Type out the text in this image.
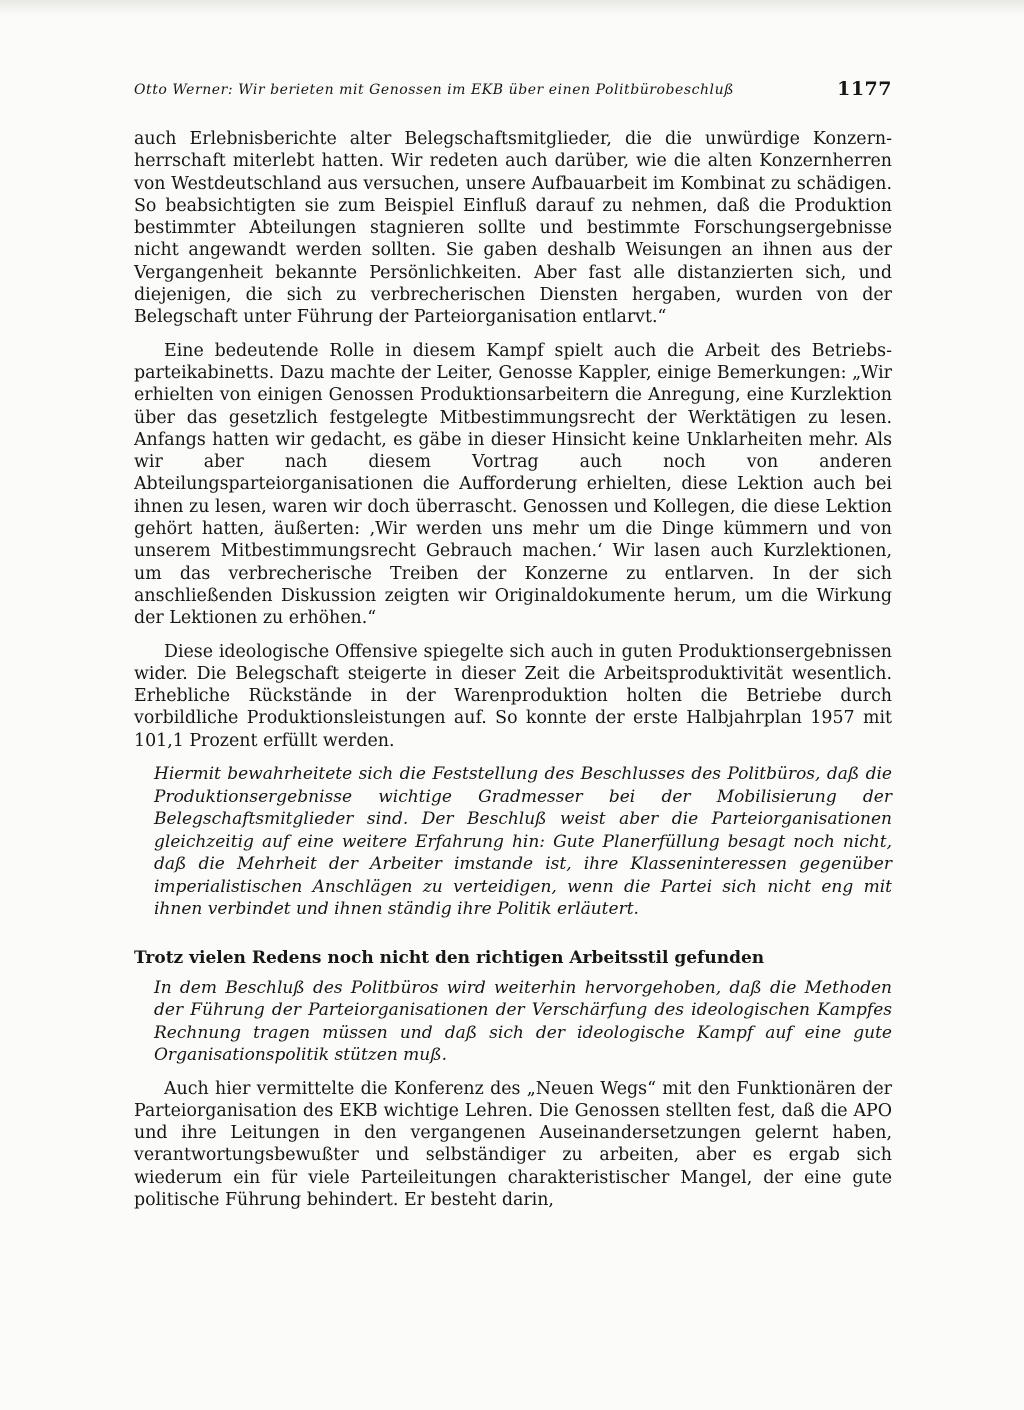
Otto Werner: Wir berieten mit Genossen im EKB über einen Politbürobeschluß	1177

auch Erlebnisberichte alter Belegschaftsmitglieder, die die unwürdige Konzernherrschaft miterlebt hatten. Wir redeten auch darüber, wie die alten Konzernherren von Westdeutschland aus versuchen, unsere Aufbauarbeit im Kombinat zu schädigen. So beabsichtigten sie zum Beispiel Einfluß darauf zu nehmen, daß die Produktion bestimmter Abteilungen stagnieren sollte und bestimmte Forschungsergebnisse nicht angewandt werden sollten. Sie gaben deshalb Weisungen an ihnen aus der Vergangenheit bekannte Persönlichkeiten. Aber fast alle distanzierten sich, und diejenigen, die sich zu verbrecherischen Diensten hergaben, wurden von der Belegschaft unter Führung der Parteiorganisation entlarvt.“

Eine bedeutende Rolle in diesem Kampf spielt auch die Arbeit des Betriebsparteikabinetts. Dazu machte der Leiter, Genosse Kappler, einige Bemerkungen: „Wir erhielten von einigen Genossen Produktionsarbeitern die Anregung, eine Kurzlektion über das gesetzlich festgelegte Mitbestimmungsrecht der Werktätigen zu lesen. Anfangs hatten wir gedacht, es gäbe in dieser Hinsicht keine Unklarheiten mehr. Als wir aber nach diesem Vortrag auch noch von anderen Abteilungsparteiorganisationen die Aufforderung erhielten, diese Lektion auch bei ihnen zu lesen, waren wir doch überrascht. Genossen und Kollegen, die diese Lektion gehört hatten, äußerten: ‚Wir werden uns mehr um die Dinge kümmern und von unserem Mitbestimmungsrecht Gebrauch machen.‘ Wir lasen auch Kurzlektionen, um das verbrecherische Treiben der Konzerne zu entlarven. In der sich anschließenden Diskussion zeigten wir Originaldokumente herum, um die Wirkung der Lektionen zu erhöhen.“

Diese ideologische Offensive spiegelte sich auch in guten Produktionsergebnissen wider. Die Belegschaft steigerte in dieser Zeit die Arbeitsproduktivität wesentlich. Erhebliche Rückstände in der Warenproduktion holten die Betriebe durch vorbildliche Produktionsleistungen auf. So konnte der erste Halbjahrplan 1957 mit 101,1 Prozent erfüllt werden.

Hiermit bewahrheitete sich die Feststellung des Beschlusses des Politbüros, daß die Produktionsergebnisse wichtige Gradmesser bei der Mobilisierung der Belegschaftsmitglieder sind. Der Beschluß weist aber die Parteiorganisationen gleichzeitig auf eine weitere Erfahrung hin: Gute Planerfüllung besagt noch nicht, daß die Mehrheit der Arbeiter imstande ist, ihre Klasseninteressen gegenüber imperialistischen Anschlägen zu verteidigen, wenn die Partei sich nicht eng mit ihnen verbindet und ihnen ständig ihre Politik erläutert.

Trotz vielen Redens noch nicht den richtigen Arbeitsstil gefunden

In dem Beschluß des Politbüros wird weiterhin hervorgehoben, daß die Methoden der Führung der Parteiorganisationen der Verschärfung des ideologischen Kampfes Rechnung tragen müssen und daß sich der ideologische Kampf auf eine gute Organisationspolitik stützen muß.

Auch hier vermittelte die Konferenz des „Neuen Wegs“ mit den Funktionären der Parteiorganisation des EKB wichtige Lehren. Die Genossen stellten fest, daß die APO und ihre Leitungen in den vergangenen Auseinandersetzungen gelernt haben, verantwortungsbewußter und selbständiger zu arbeiten, aber es ergab sich wiederum ein für viele Parteileitungen charakteristischer Mangel, der eine gute politische Führung behindert. Er besteht darin,
